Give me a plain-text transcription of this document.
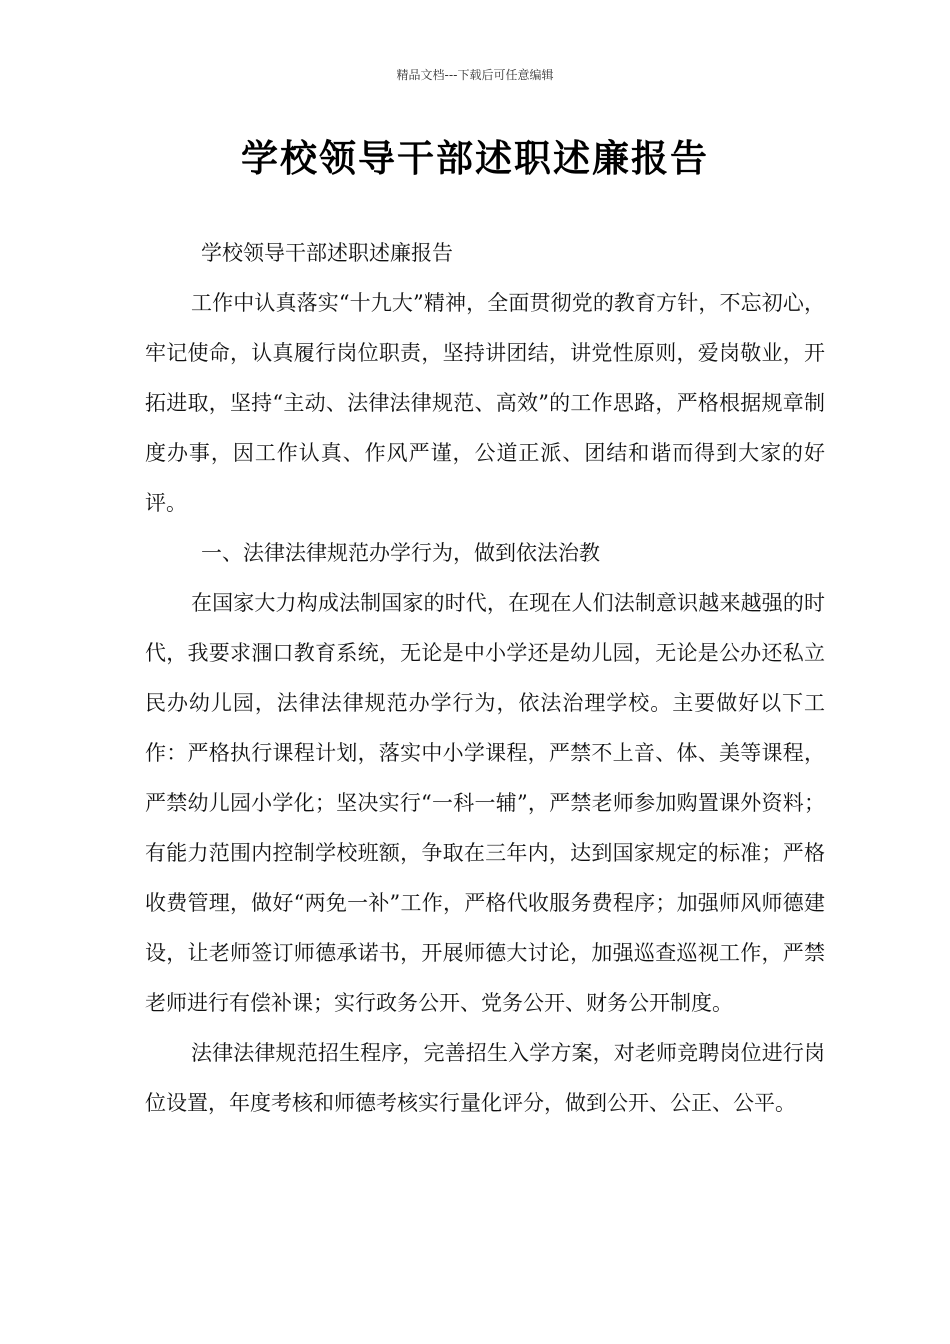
精品文档---下载后可任意编辑
学校领导干部述职述廉报告

学校领导干部述职述廉报告

工作中认真落实“十九大”精神，全面贯彻党的教育方针，不忘初心，牢记使命，认真履行岗位职责，坚持讲团结，讲党性原则，爱岗敬业，开拓进取，坚持“主动、法律法律规范、高效”的工作思路，严格根据规章制度办事，因工作认真、作风严谨，公道正派、团结和谐而得到大家的好评。

一、法律法律规范办学行为，做到依法治教

在国家大力构成法制国家的时代，在现在人们法制意识越来越强的时代，我要求涠口教育系统，无论是中小学还是幼儿园，无论是公办还私立民办幼儿园，法律法律规范办学行为，依法治理学校。主要做好以下工作：严格执行课程计划，落实中小学课程，严禁不上音、体、美等课程，严禁幼儿园小学化；坚决实行“一科一辅”，严禁老师参加购置课外资料；有能力范围内控制学校班额，争取在三年内，达到国家规定的标准；严格收费管理，做好“两免一补”工作，严格代收服务费程序；加强师风师德建设，让老师签订师德承诺书，开展师德大讨论，加强巡查巡视工作，严禁老师进行有偿补课；实行政务公开、党务公开、财务公开制度。

法律法律规范招生程序，完善招生入学方案，对老师竞聘岗位进行岗位设置，年度考核和师德考核实行量化评分，做到公开、公正、公平。
